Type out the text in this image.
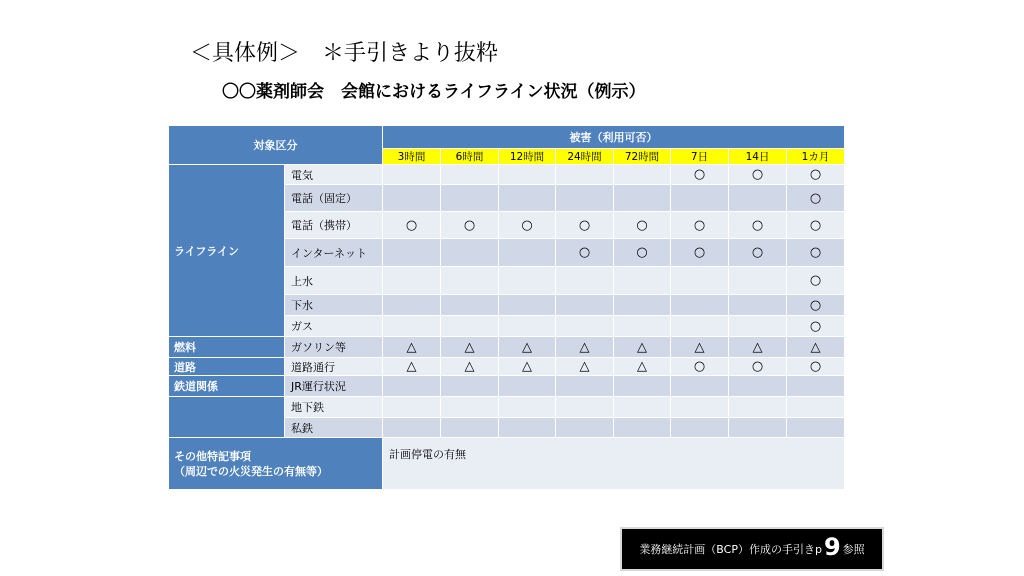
＜具体例＞　＊手引きより抜粋
〇〇薬剤師会　会館におけるライフライン状況（例示）
対象区分		被害（利用可否）							
		3時間	6時間	12時間	24時間	72時間	7日	14日	1カ月
ライフライン	電気						○	○	○
	電話（固定）								○
	電話（携帯）	○	○	○	○	○	○	○	○
	インターネット				○	○	○	○	○
	上水								○
	下水								○
	ガス								○
燃料	ガソリン等	△	△	△	△	△	△	△	△
道路	道路通行	△	△	△	△	△	○	○	○
鉄道関係	JR運行状況								
	地下鉄								
	私鉄								

その他特記事項
（周辺での火災発生の有無等）		計画停電の有無							
業務継続計画（BCP）作成の手引きp 9 参照
